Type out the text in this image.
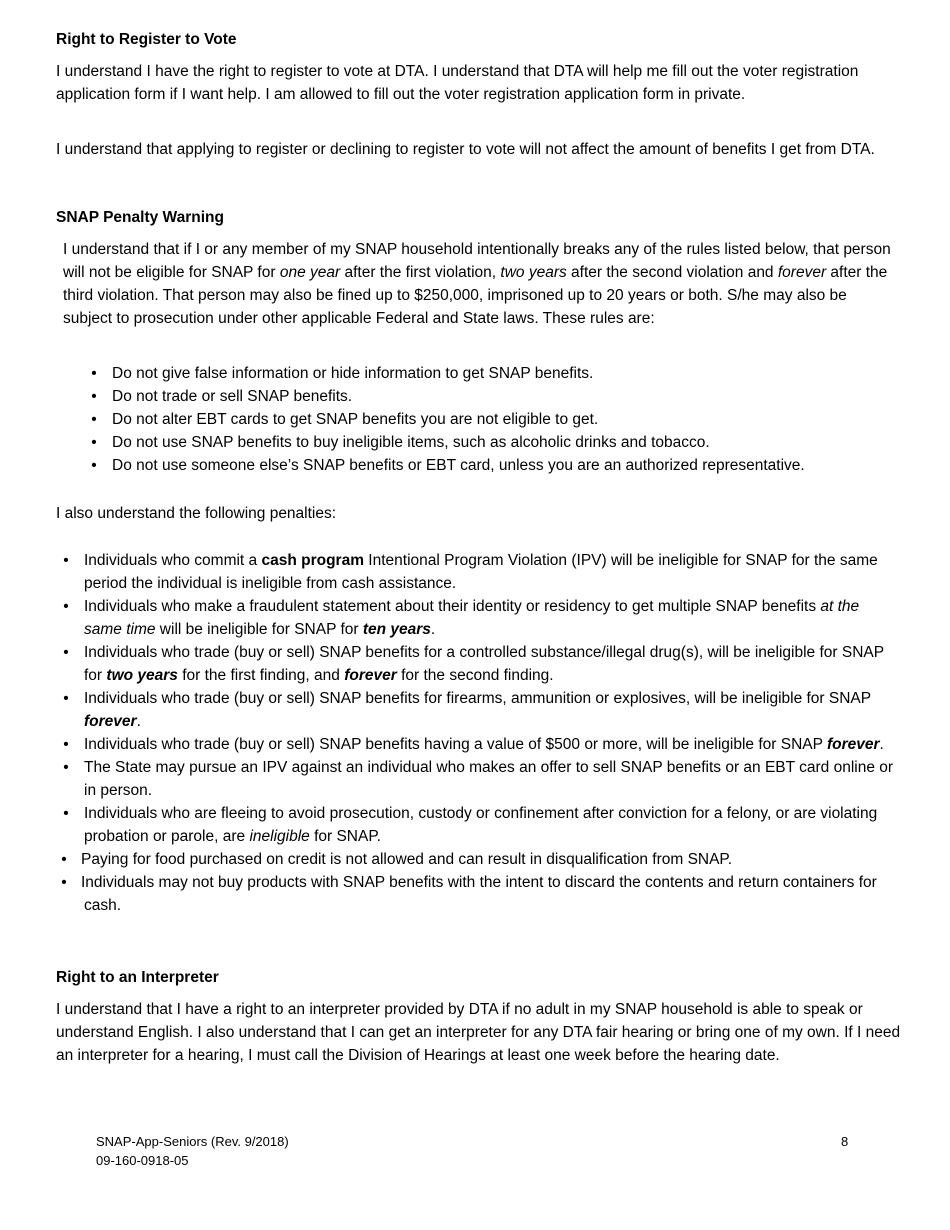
Right to Register to Vote

I understand I have the right to register to vote at DTA. I understand that DTA will help me fill out the voter registration application form if I want help. I am allowed to fill out the voter registration application form in private.

I understand that applying to register or declining to register to vote will not affect the amount of benefits I get from DTA.

SNAP Penalty Warning

I understand that if I or any member of my SNAP household intentionally breaks any of the rules listed below, that person will not be eligible for SNAP for one year after the first violation, two years after the second violation and forever after the third violation. That person may also be fined up to $250,000, imprisoned up to 20 years or both. S/he may also be subject to prosecution under other applicable Federal and State laws. These rules are:

• Do not give false information or hide information to get SNAP benefits.
• Do not trade or sell SNAP benefits.
• Do not alter EBT cards to get SNAP benefits you are not eligible to get.
• Do not use SNAP benefits to buy ineligible items, such as alcoholic drinks and tobacco.
• Do not use someone else’s SNAP benefits or EBT card, unless you are an authorized representative.

I also understand the following penalties:

• Individuals who commit a cash program Intentional Program Violation (IPV) will be ineligible for SNAP for the same period the individual is ineligible from cash assistance.
• Individuals who make a fraudulent statement about their identity or residency to get multiple SNAP benefits at the same time will be ineligible for SNAP for ten years.
• Individuals who trade (buy or sell) SNAP benefits for a controlled substance/illegal drug(s), will be ineligible for SNAP for two years for the first finding, and forever for the second finding.
• Individuals who trade (buy or sell) SNAP benefits for firearms, ammunition or explosives, will be ineligible for SNAP forever.
• Individuals who trade (buy or sell) SNAP benefits having a value of $500 or more, will be ineligible for SNAP forever.
• The State may pursue an IPV against an individual who makes an offer to sell SNAP benefits or an EBT card online or in person.
• Individuals who are fleeing to avoid prosecution, custody or confinement after conviction for a felony, or are violating probation or parole, are ineligible for SNAP.
• Paying for food purchased on credit is not allowed and can result in disqualification from SNAP.
• Individuals may not buy products with SNAP benefits with the intent to discard the contents and return containers for cash.
Right to an Interpreter

I understand that I have a right to an interpreter provided by DTA if no adult in my SNAP household is able to speak or understand English. I also understand that I can get an interpreter for any DTA fair hearing or bring one of my own. If I need an interpreter for a hearing, I must call the Division of Hearings at least one week before the hearing date.

SNAP-App-Seniors (Rev. 9/2018)
09-160-0918-05
8
